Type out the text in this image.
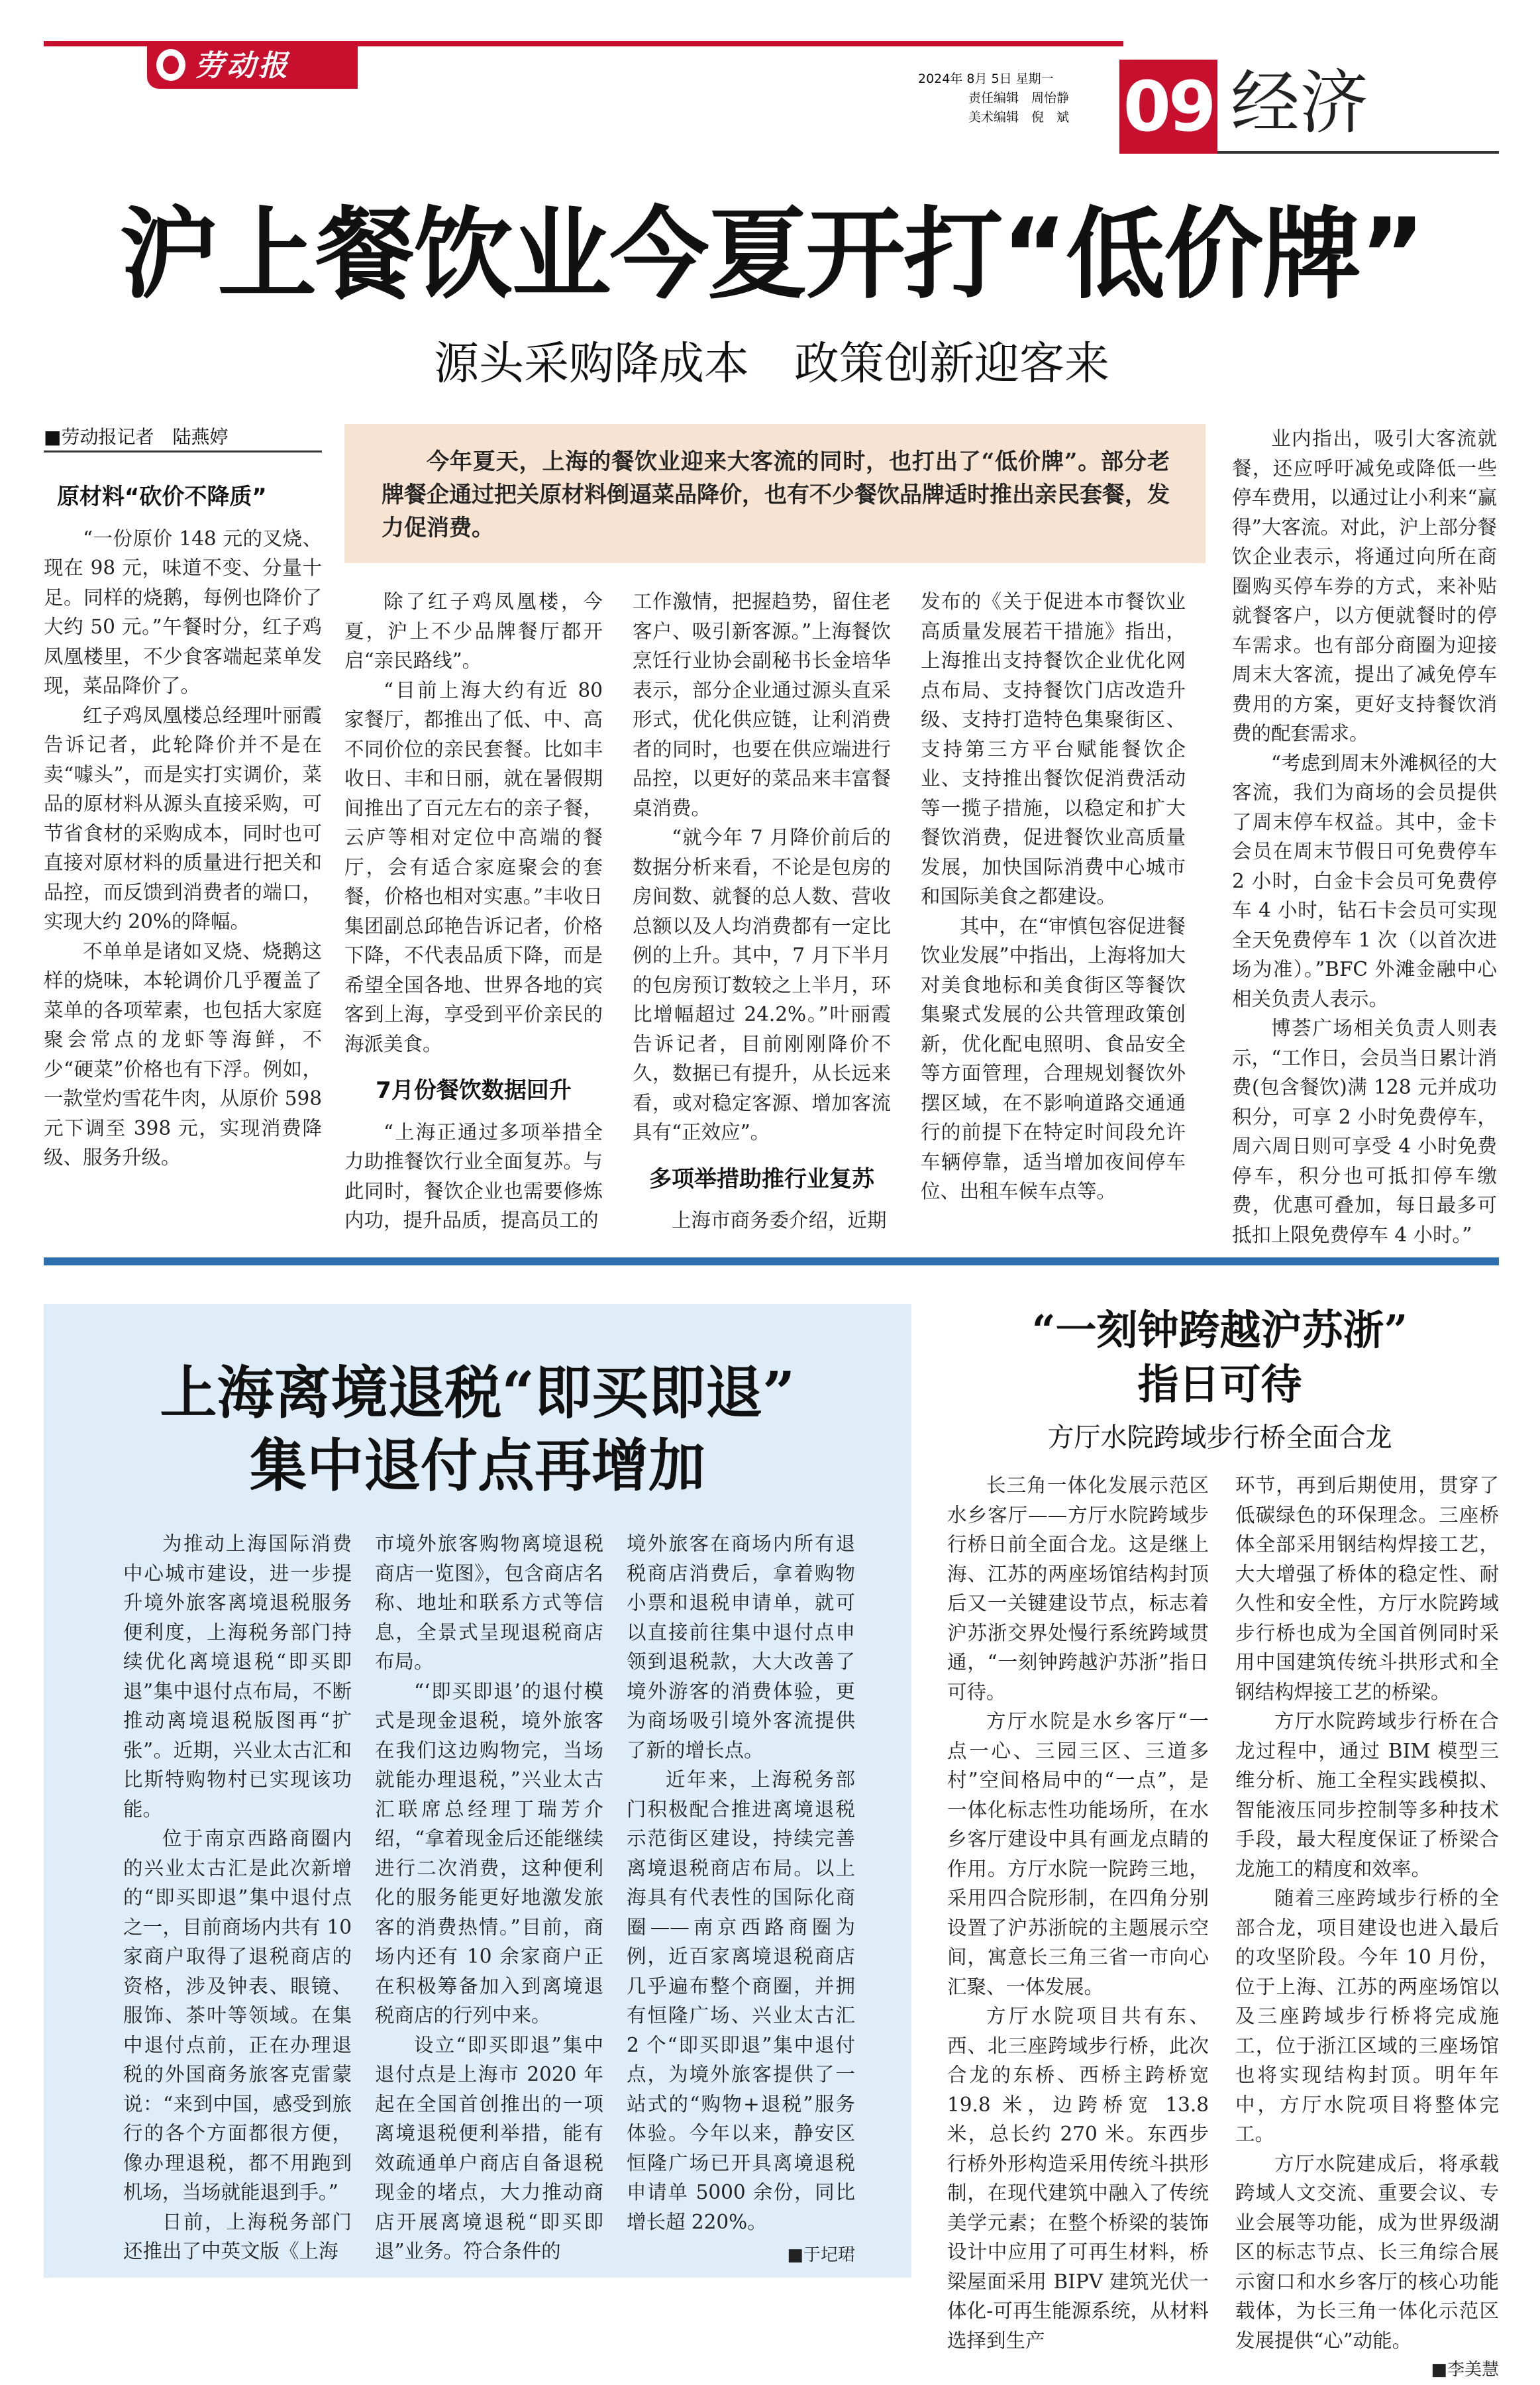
劳动报	2024年 8月 5日 星期一
责任编辑　周怡静
美术编辑　倪　斌 09 经济
沪上餐饮业今夏开打“低价牌”
源头采购降成本　政策创新迎客来
■劳动报记者　陆燕婷
今年夏天，上海的餐饮业迎来大客流的同时，也打出了“低价牌”。部分老牌餐企通过把关原材料倒逼菜品降价，也有不少餐饮品牌适时推出亲民套餐，发力促消费。
原材料“砍价不降质”

“一份原价 148 元的叉烧、现在 98 元，味道不变、分量十足。同样的烧鹅，每例也降价了大约 50 元。”午餐时分，红子鸡凤凰楼里，不少食客端起菜单发现，菜品降价了。

红子鸡凤凰楼总经理叶丽霞告诉记者，此轮降价并不是在卖“噱头”，而是实打实调价，菜品的原材料从源头直接采购，可节省食材的采购成本，同时也可直接对原材料的质量进行把关和品控，而反馈到消费者的端口，实现大约 20%的降幅。

不单单是诸如叉烧、烧鹅这样的烧味，本轮调价几乎覆盖了菜单的各项荤素，也包括大家庭聚会常点的龙虾等海鲜，不少“硬菜”价格也有下浮。例如，一款堂灼雪花牛肉，从原价 598 元下调至 398 元，实现消费降级、服务升级。

除了红子鸡凤凰楼，今夏，沪上不少品牌餐厅都开启“亲民路线”。

“目前上海大约有近 80 家餐厅，都推出了低、中、高不同价位的亲民套餐。比如丰收日、丰和日丽，就在暑假期间推出了百元左右的亲子餐，云庐等相对定位中高端的餐厅，会有适合家庭聚会的套餐，价格也相对实惠。”丰收日集团副总邱艳告诉记者，价格下降，不代表品质下降，而是希望全国各地、世界各地的宾客到上海，享受到平价亲民的海派美食。

7月份餐饮数据回升

“上海正通过多项举措全力助推餐饮行业全面复苏。与此同时，餐饮企业也需要修炼内功，提升品质，提高员工的

工作激情，把握趋势，留住老客户、吸引新客源。”上海餐饮烹饪行业协会副秘书长金培华表示，部分企业通过源头直采形式，优化供应链，让利消费者的同时，也要在供应端进行品控，以更好的菜品来丰富餐桌消费。

“就今年 7 月降价前后的数据分析来看，不论是包房的房间数、就餐的总人数、营收总额以及人均消费都有一定比例的上升。其中，7 月下半月的包房预订数较之上半月，环比增幅超过 24.2%。”叶丽霞告诉记者，目前刚刚降价不久，数据已有提升，从长远来看，或对稳定客源、增加客流具有“正效应”。

多项举措助推行业复苏

上海市商务委介绍，近期

发布的《关于促进本市餐饮业高质量发展若干措施》指出，上海推出支持餐饮企业优化网点布局、支持餐饮门店改造升级、支持打造特色集聚街区、支持第三方平台赋能餐饮企业、支持推出餐饮促消费活动等一揽子措施，以稳定和扩大餐饮消费，促进餐饮业高质量发展，加快国际消费中心城市和国际美食之都建设。

其中，在“审慎包容促进餐饮业发展”中指出，上海将加大对美食地标和美食街区等餐饮集聚式发展的公共管理政策创新，优化配电照明、食品安全等方面管理，合理规划餐饮外摆区域，在不影响道路交通通行的前提下在特定时间段允许车辆停靠，适当增加夜间停车位、出租车候车点等。

业内指出，吸引大客流就餐，还应呼吁减免或降低一些停车费用，以通过让小利来“赢得”大客流。对此，沪上部分餐饮企业表示，将通过向所在商圈购买停车券的方式，来补贴就餐客户，以方便就餐时的停车需求。也有部分商圈为迎接周末大客流，提出了减免停车费用的方案，更好支持餐饮消费的配套需求。

“考虑到周末外滩枫径的大客流，我们为商场的会员提供了周末停车权益。其中，金卡会员在周末节假日可免费停车 2 小时，白金卡会员可免费停车 4 小时，钻石卡会员可实现全天免费停车 1 次（以首次进场为准）。”BFC 外滩金融中心相关负责人表示。

博荟广场相关负责人则表示，“工作日，会员当日累计消费(包含餐饮)满 128 元并成功积分，可享 2 小时免费停车，周六周日则可享受 4 小时免费停车，积分也可抵扣停车缴费，优惠可叠加，每日最多可抵扣上限免费停车 4 小时。”

上海离境退税“即买即退”
集中退付点再增加

为推动上海国际消费中心城市建设，进一步提升境外旅客离境退税服务便利度，上海税务部门持续优化离境退税“即买即退”集中退付点布局，不断推动离境退税版图再“扩张”。近期，兴业太古汇和比斯特购物村已实现该功能。

位于南京西路商圈内的兴业太古汇是此次新增的“即买即退”集中退付点之一，目前商场内共有 10 家商户取得了退税商店的资格，涉及钟表、眼镜、服饰、茶叶等领域。在集中退付点前，正在办理退税的外国商务旅客克雷蒙说：“来到中国，感受到旅行的各个方面都很方便，像办理退税，都不用跑到机场，当场就能退到手。”

日前，上海税务部门还推出了中英文版《上海

市境外旅客购物离境退税商店一览图》，包含商店名称、地址和联系方式等信息，全景式呈现退税商店布局。

“‘即买即退’的退付模式是现金退税，境外旅客在我们这边购物完，当场就能办理退税，”兴业太古汇联席总经理丁瑞芳介绍，“拿着现金后还能继续进行二次消费，这种便利化的服务能更好地激发旅客的消费热情。”目前，商场内还有 10 余家商户正在积极筹备加入到离境退税商店的行列中来。

设立“即买即退”集中退付点是上海市 2020 年起在全国首创推出的一项离境退税便利举措，能有效疏通单户商店自备退税现金的堵点，大力推动商店开展离境退税“即买即退”业务。符合条件的

境外旅客在商场内所有退税商店消费后，拿着购物小票和退税申请单，就可以直接前往集中退付点申领到退税款，大大改善了境外游客的消费体验，更为商场吸引境外客流提供了新的增长点。

近年来，上海税务部门积极配合推进离境退税示范街区建设，持续完善离境退税商店布局。以上海具有代表性的国际化商圈——南京西路商圈为例，近百家离境退税商店几乎遍布整个商圈，并拥有恒隆广场、兴业太古汇 2 个“即买即退”集中退付点，为境外旅客提供了一站式的“购物+退税”服务体验。今年以来，静安区恒隆广场已开具离境退税申请单 5000 余份，同比增长超 220%。

■于圮珺
“一刻钟跨越沪苏浙”
指日可待
方厅水院跨域步行桥全面合龙

长三角一体化发展示范区水乡客厅——方厅水院跨域步行桥日前全面合龙。这是继上海、江苏的两座场馆结构封顶后又一关键建设节点，标志着沪苏浙交界处慢行系统跨域贯通，“一刻钟跨越沪苏浙”指日可待。

方厅水院是水乡客厅“一点一心、三园三区、三道多村”空间格局中的“一点”，是一体化标志性功能场所，在水乡客厅建设中具有画龙点睛的作用。方厅水院一院跨三地，采用四合院形制，在四角分别设置了沪苏浙皖的主题展示空间，寓意长三角三省一市向心汇聚、一体发展。

方厅水院项目共有东、西、北三座跨域步行桥，此次合龙的东桥、西桥主跨桥宽 19.8 米，边跨桥宽 13.8 米，总长约 270 米。东西步行桥外形构造采用传统斗拱形制，在现代建筑中融入了传统美学元素；在整个桥梁的装饰设计中应用了可再生材料，桥梁屋面采用 BIPV 建筑光伏一体化-可再生能源系统，从材料选择到生产

环节，再到后期使用，贯穿了低碳绿色的环保理念。三座桥体全部采用钢结构焊接工艺，大大增强了桥体的稳定性、耐久性和安全性，方厅水院跨域步行桥也成为全国首例同时采用中国建筑传统斗拱形式和全钢结构焊接工艺的桥梁。

方厅水院跨域步行桥在合龙过程中，通过 BIM 模型三维分析、施工全程实践模拟、智能液压同步控制等多种技术手段，最大程度保证了桥梁合龙施工的精度和效率。

随着三座跨域步行桥的全部合龙，项目建设也进入最后的攻坚阶段。今年 10 月份，位于上海、江苏的两座场馆以及三座跨域步行桥将完成施工，位于浙江区域的三座场馆也将实现结构封顶。明年年中，方厅水院项目将整体完工。

方厅水院建成后，将承载跨域人文交流、重要会议、专业会展等功能，成为世界级湖区的标志节点、长三角综合展示窗口和水乡客厅的核心功能载体，为长三角一体化示范区发展提供“心”动能。

■李美慧
